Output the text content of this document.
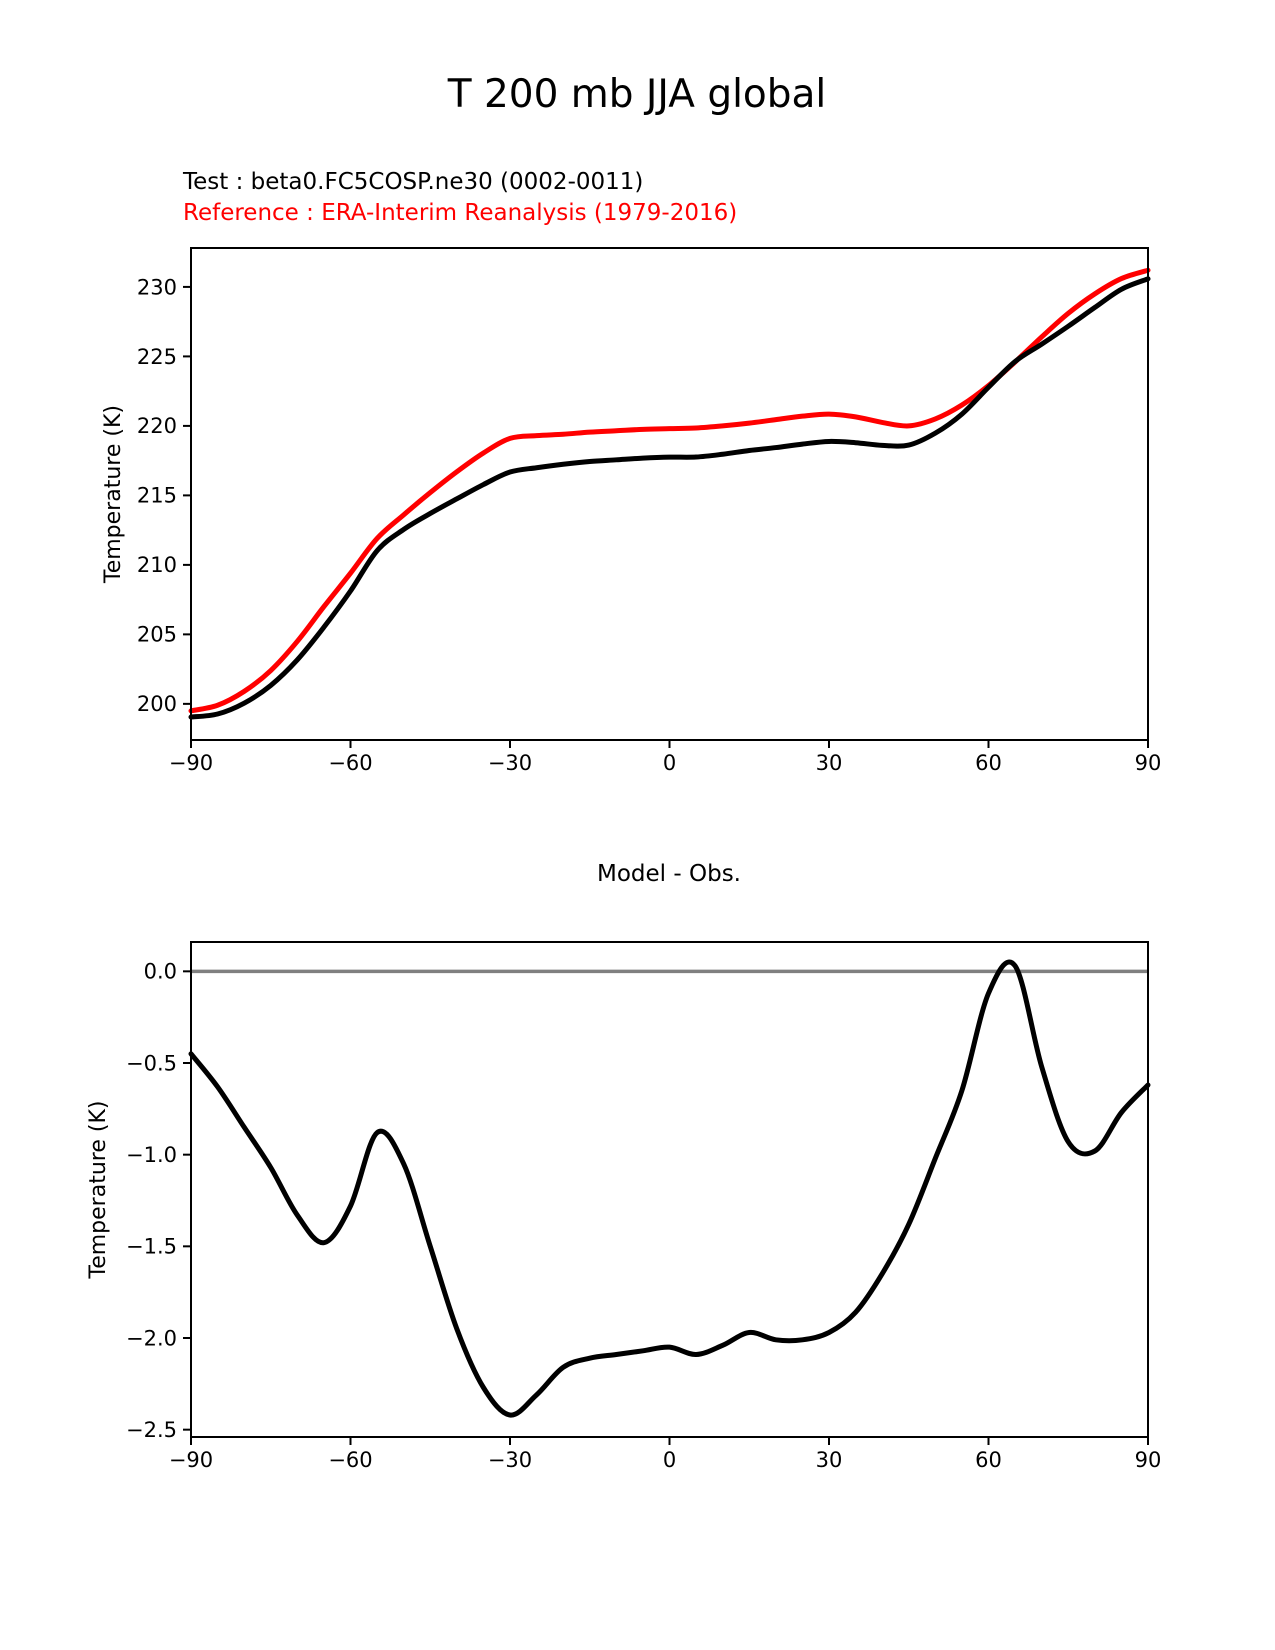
T 200 mb JJA global
Test : beta0.FC5COSP.ne30 (0002-0011)
Reference : ERA-Interim Reanalysis (1979-2016)
Model - Obs.
Temperature (K)
Temperature (K)
−90	−60	−30	0	30	60	90
200
205
210
215
220
225
230
−90	−60	−30	0	30	60	90
0.0
−0.5
−1.0
−1.5
−2.0
−2.5
